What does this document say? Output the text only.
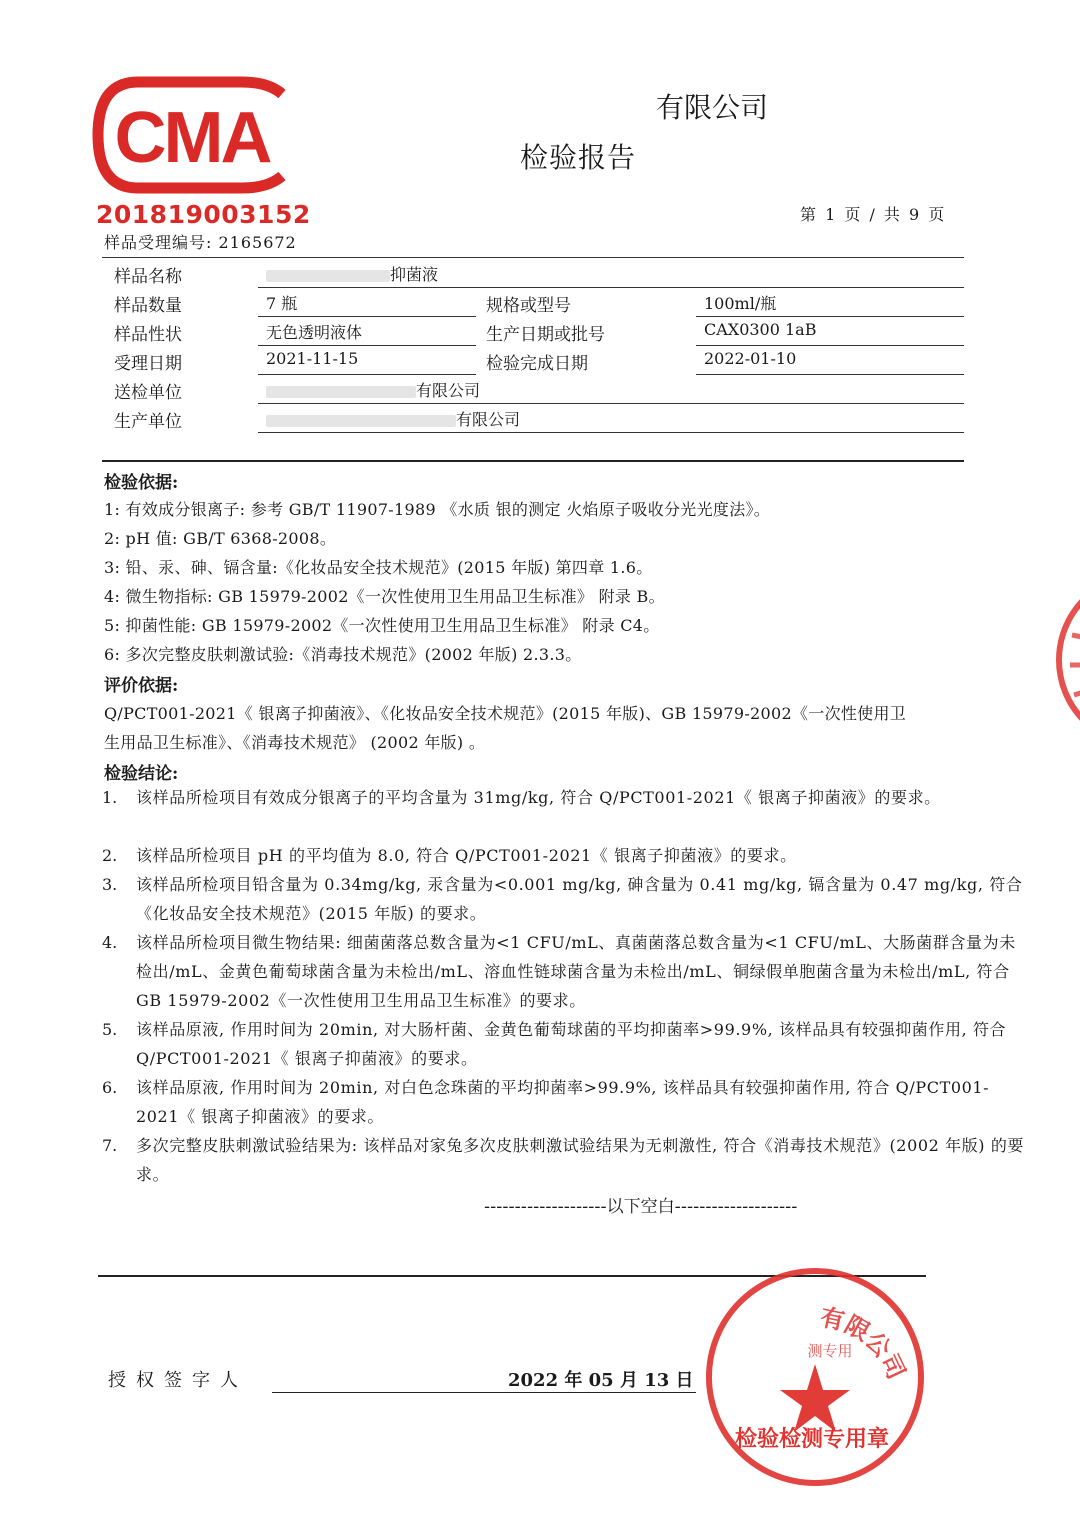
CMA
201819003152
有限公司
检验报告
第 1 页 / 共 9 页
样品受理编号: 2165672
样品名称	抑菌液
样品数量	7 瓶	规格或型号	100ml/瓶
样品性状	无色透明液体	生产日期或批号	CAX0300 1aB
受理日期	2021-11-15	检验完成日期	2022-01-10
送检单位	有限公司
生产单位	有限公司
检验依据:
1: 有效成分银离子: 参考 GB/T 11907-1989 《水质 银的测定 火焰原子吸收分光光度法》。
2: pH 值: GB/T 6368-2008。
3: 铅、汞、砷、镉含量:《化妆品安全技术规范》(2015 年版) 第四章 1.6。
4: 微生物指标: GB 15979-2002《一次性使用卫生用品卫生标准》 附录 B。
5: 抑菌性能: GB 15979-2002《一次性使用卫生用品卫生标准》 附录 C4。
6: 多次完整皮肤刺激试验:《消毒技术规范》(2002 年版) 2.3.3。
评价依据:
Q/PCT001-2021《 银离子抑菌液》、《化妆品安全技术规范》(2015 年版)、GB 15979-2002《一次性使用卫
生用品卫生标准》、《消毒技术规范》 (2002 年版) 。
检验结论:
1. 该样品所检项目有效成分银离子的平均含量为 31mg/kg, 符合 Q/PCT001-2021《 银离子抑菌液》的要求。
2. 该样品所检项目 pH 的平均值为 8.0, 符合 Q/PCT001-2021《 银离子抑菌液》的要求。
3. 该样品所检项目铅含量为 0.34mg/kg, 汞含量为<0.001 mg/kg, 砷含量为 0.41 mg/kg, 镉含量为 0.47 mg/kg, 符合《化妆品安全技术规范》(2015 年版) 的要求。
4. 该样品所检项目微生物结果: 细菌菌落总数含量为<1 CFU/mL、真菌菌落总数含量为<1 CFU/mL、大肠菌群含量为未检出/mL、金黄色葡萄球菌含量为未检出/mL、溶血性链球菌含量为未检出/mL、铜绿假单胞菌含量为未检出/mL, 符合 GB 15979-2002《一次性使用卫生用品卫生标准》的要求。
5. 该样品原液, 作用时间为 20min, 对大肠杆菌、金黄色葡萄球菌的平均抑菌率>99.9%, 该样品具有较强抑菌作用, 符合 Q/PCT001-2021《 银离子抑菌液》的要求。
6. 该样品原液, 作用时间为 20min, 对白色念珠菌的平均抑菌率>99.9%, 该样品具有较强抑菌作用, 符合 Q/PCT001-2021《 银离子抑菌液》的要求。
7. 多次完整皮肤刺激试验结果为: 该样品对家兔多次皮肤刺激试验结果为无刺激性, 符合《消毒技术规范》(2002 年版) 的要求。
--------------------以下空白--------------------
授权签字人	2022 年 05 月 13 日
有限公司
测专用
检验检测专用章
